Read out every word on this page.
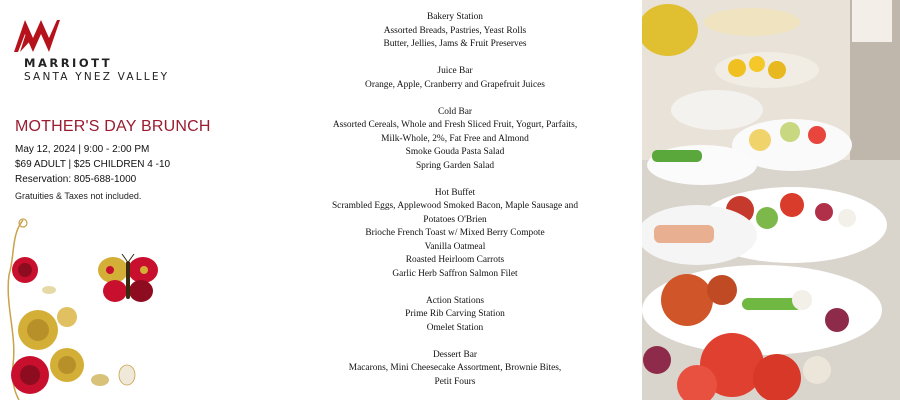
MARRIOTT
SANTA YNEZ VALLEY
MOTHER'S DAY BRUNCH
May 12, 2024 | 9:00 - 2:00 PM
$69 ADULT | $25 CHILDREN 4 -10
Reservation: 805-688-1000
Gratuities & Taxes not included.
Bakery Station
Assorted Breads, Pastries, Yeast Rolls
Butter, Jellies, Jams & Fruit Preserves
Juice Bar
Orange, Apple, Cranberry and Grapefruit Juices
Cold Bar
Assorted Cereals, Whole and Fresh Sliced Fruit, Yogurt, Parfaits,
Milk-Whole, 2%, Fat Free and Almond
Smoke Gouda Pasta Salad
Spring Garden Salad
Hot Buffet
Scrambled Eggs, Applewood Smoked Bacon, Maple Sausage and
Potatoes O'Brien
Brioche French Toast w/ Mixed Berry Compote
Vanilla Oatmeal
Roasted Heirloom Carrots
Garlic Herb Saffron Salmon Filet
Action Stations
Prime Rib Carving Station
Omelet Station
Dessert Bar
Macarons, Mini Cheesecake Assortment, Brownie Bites,
Petit Fours
